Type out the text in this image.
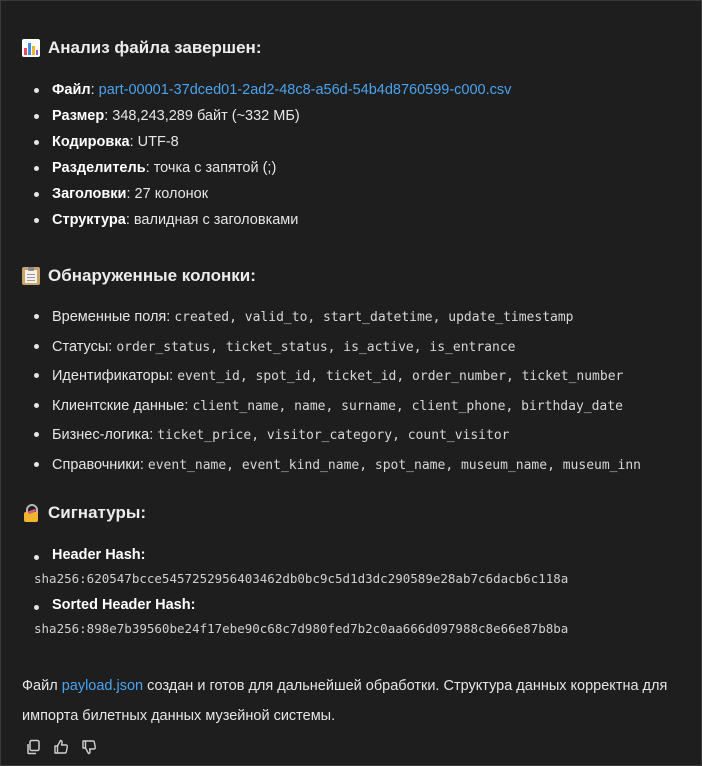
Анализ файла завершен:
Файл: part-00001-37dced01-2ad2-48c8-a56d-54b4d8760599-c000.csv
Размер: 348,243,289 байт (~332 МБ)
Кодировка: UTF-8
Разделитель: точка с запятой (;)
Заголовки: 27 колонок
Структура: валидная с заголовками
Обнаруженные колонки:
Временные поля: created, valid_to, start_datetime, update_timestamp
Статусы: order_status, ticket_status, is_active, is_entrance
Идентификаторы: event_id, spot_id, ticket_id, order_number, ticket_number
Клиентские данные: client_name, name, surname, client_phone, birthday_date
Бизнес-логика: ticket_price, visitor_category, count_visitor
Справочники: event_name, event_kind_name, spot_name, museum_name, museum_inn
Сигнатуры:
Header Hash:
sha256:620547bcce5457252956403462db0bc9c5d1d3dc290589e28ab7c6dacb6c118a
Sorted Header Hash:
sha256:898e7b39560be24f17ebe90c68c7d980fed7b2c0aa666d097988c8e66e87b8ba
Файл payload.json создан и готов для дальнейшей обработки. Структура данных корректна для импорта билетных данных музейной системы.
